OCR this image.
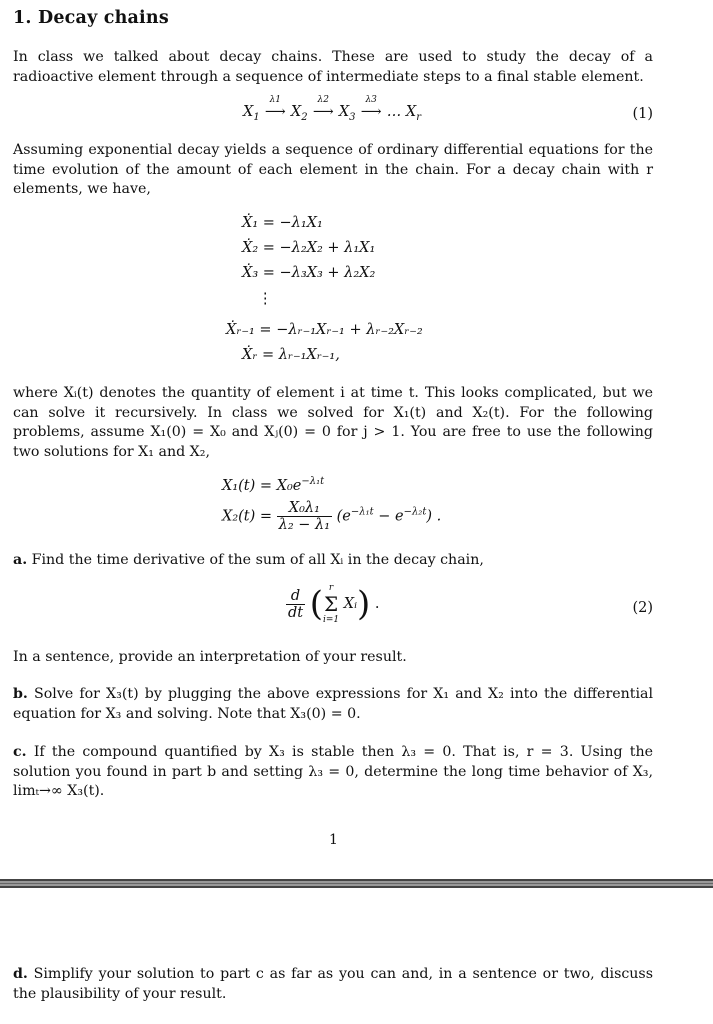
1. Decay chains
In class we talked about decay chains. These are used to study the decay of a radioactive element through a sequence of intermediate steps to a final stable element.
$X_1$
λ1
⟶ $X_2$
λ2
⟶ $X_3$
λ3
⟶ … $X_r$	(1)
Assuming exponential decay yields a sequence of ordinary differential equations for the time evolution of the amount of each element in the chain. For a decay chain with r elements, we have,
Ẋ₁ = −λ₁X₁
Ẋ₂ = −λ₂X₂ + λ₁X₁
Ẋ₃ = −λ₃X₃ + λ₂X₂
⋮
Ẋᵣ₋₁ = −λᵣ₋₁Xᵣ₋₁ + λᵣ₋₂Xᵣ₋₂
Ẋᵣ = λᵣ₋₁Xᵣ₋₁,
where Xᵢ(t) denotes the quantity of element i at time t. This looks complicated, but we can solve it recursively. In class we solved for X₁(t) and X₂(t). For the following problems, assume X₁(0) = X₀ and Xⱼ(0) = 0 for j > 1. You are free to use the following two solutions for X₁ and X₂,
$X_1(t) = X_0e^{-\lambda_1t}$
$X_2(t) = \frac{\text{X₀λ₁}}{\text{λ₂ − λ₁}} (e^{-\lambda_1t} - e^{-\lambda_2t})$ .
a. Find the time derivative of the sum of all Xᵢ in the decay chain,
$\frac{d}{dt}$ ( r
Σ
i=1
Xᵢ) .	(2)
In a sentence, provide an interpretation of your result.
b. Solve for X₃(t) by plugging the above expressions for X₁ and X₂ into the differential equation for X₃ and solving. Note that X₃(0) = 0.
c. If the compound quantified by X₃ is stable then λ₃ = 0. That is, r = 3. Using the solution you found in part b and setting λ₃ = 0, determine the long time behavior of X₃, limₜ→∞ X₃(t).
1
d. Simplify your solution to part c as far as you can and, in a sentence or two, discuss the plausibility of your result.
